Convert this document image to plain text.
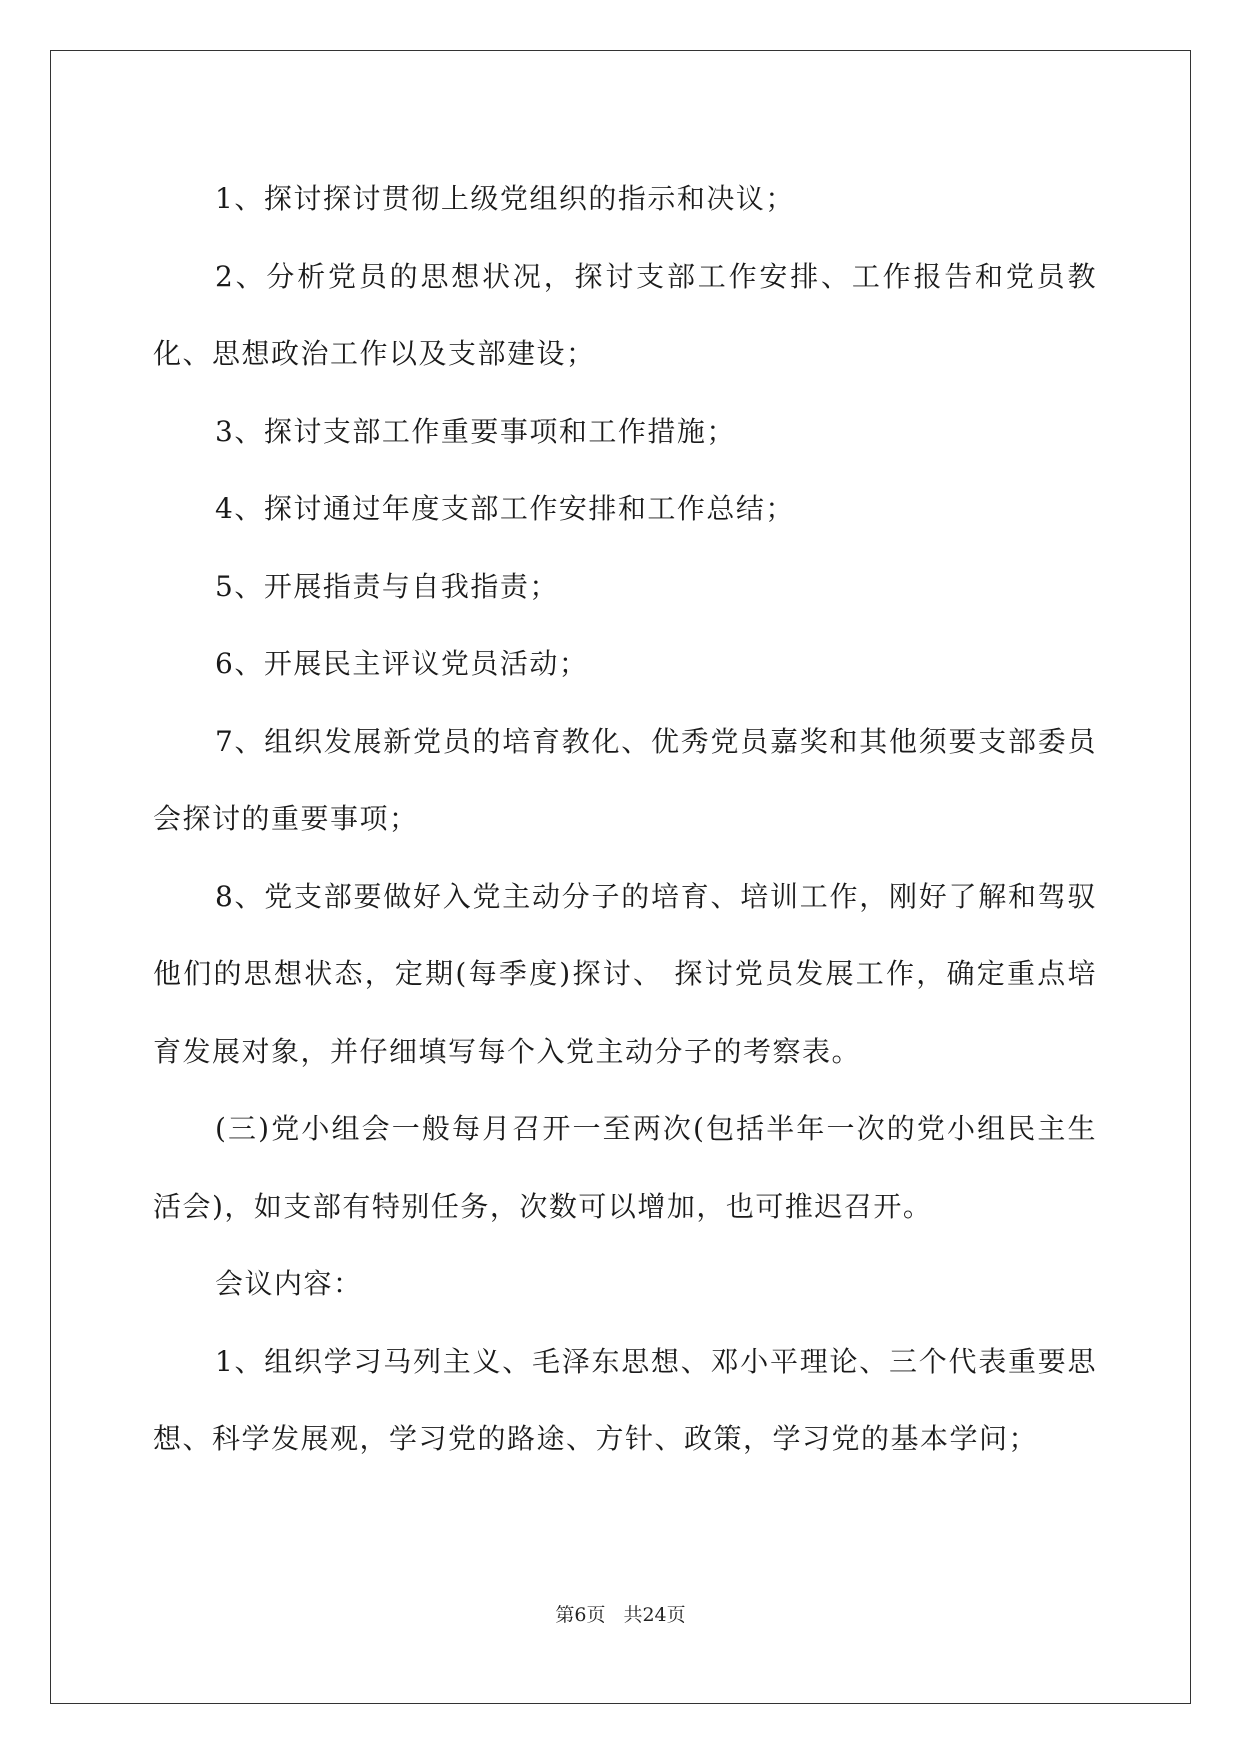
1、探讨探讨贯彻上级党组织的指示和决议；

2、分析党员的思想状况，探讨支部工作安排、工作报告和党员教化、思想政治工作以及支部建设；

3、探讨支部工作重要事项和工作措施；

4、探讨通过年度支部工作安排和工作总结；

5、开展指责与自我指责；

6、开展民主评议党员活动；

7、组织发展新党员的培育教化、优秀党员嘉奖和其他须要支部委员会探讨的重要事项；

8、党支部要做好入党主动分子的培育、培训工作，刚好了解和驾驭他们的思想状态，定期(每季度)探讨、 探讨党员发展工作，确定重点培育发展对象，并仔细填写每个入党主动分子的考察表。

(三)党小组会一般每月召开一至两次(包括半年一次的党小组民主生活会)，如支部有特别任务，次数可以增加，也可推迟召开。

会议内容：

1、组织学习马列主义、毛泽东思想、邓小平理论、三个代表重要思想、科学发展观，学习党的路途、方针、政策，学习党的基本学问；

第6页 共24页
